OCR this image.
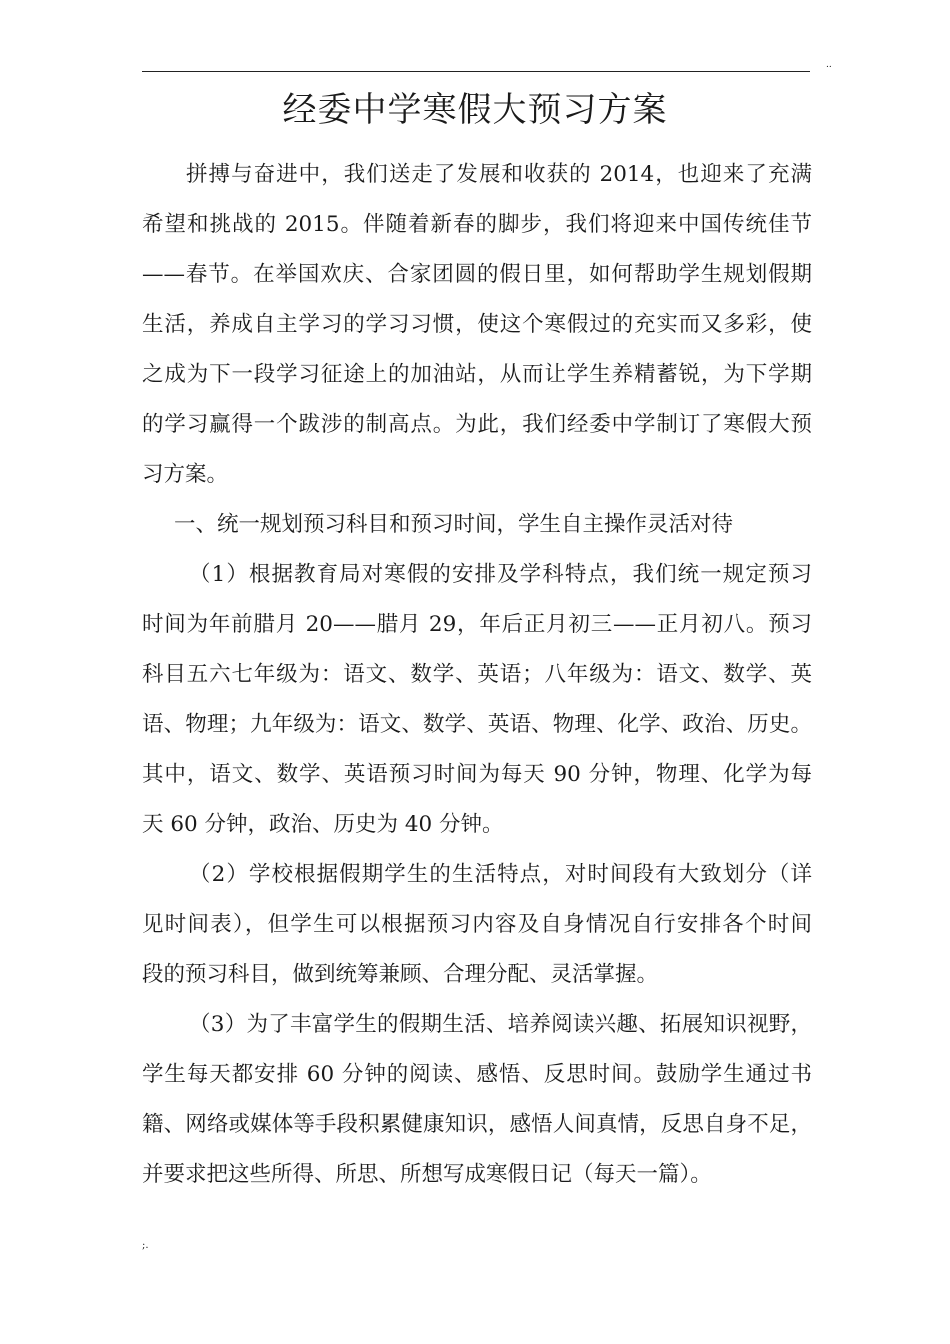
..
经委中学寒假大预习方案
拼搏与奋进中，我们送走了发展和收获的 2014，也迎来了充满
希望和挑战的 2015。伴随着新春的脚步，我们将迎来中国传统佳节
——春节。在举国欢庆、合家团圆的假日里，如何帮助学生规划假期
生活，养成自主学习的学习习惯，使这个寒假过的充实而又多彩，使
之成为下一段学习征途上的加油站，从而让学生养精蓄锐，为下学期
的学习赢得一个跋涉的制高点。为此，我们经委中学制订了寒假大预
习方案。
一、统一规划预习科目和预习时间，学生自主操作灵活对待
（1）根据教育局对寒假的安排及学科特点，我们统一规定预习
时间为年前腊月 20——腊月 29，年后正月初三——正月初八。预习
科目五六七年级为：语文、数学、英语；八年级为：语文、数学、英
语、物理；九年级为：语文、数学、英语、物理、化学、政治、历史。
其中，语文、数学、英语预习时间为每天 90 分钟，物理、化学为每
天 60 分钟，政治、历史为 40 分钟。
（2）学校根据假期学生的生活特点，对时间段有大致划分（详
见时间表），但学生可以根据预习内容及自身情况自行安排各个时间
段的预习科目，做到统筹兼顾、合理分配、灵活掌握。
（3）为了丰富学生的假期生活、培养阅读兴趣、拓展知识视野，
学生每天都安排 60 分钟的阅读、感悟、反思时间。鼓励学生通过书
籍、网络或媒体等手段积累健康知识，感悟人间真情，反思自身不足，
并要求把这些所得、所思、所想写成寒假日记（每天一篇）。
;.
